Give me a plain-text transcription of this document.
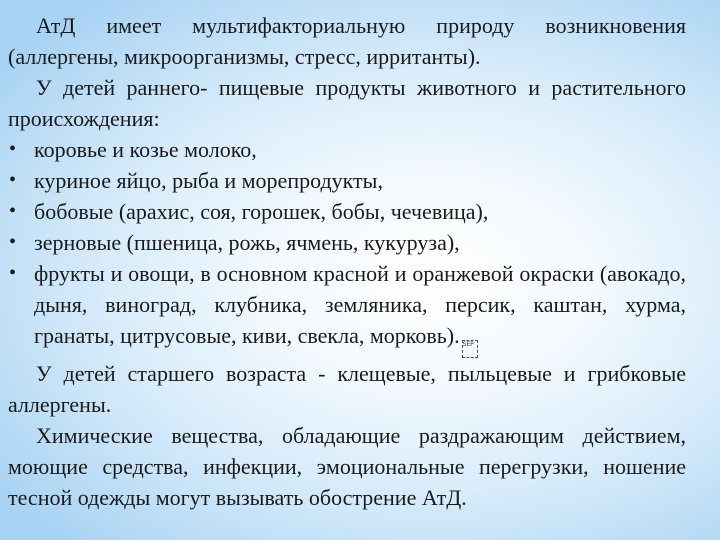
АтД имеет мультифакториальную природу возникновения (аллергены, микроорганизмы, стресс, ирританты).

У детей раннего- пищевые продукты животного и растительного происхождения:

• коровье и козье молоко,
• куриное яйцо, рыба и морепродукты,
• бобовые (арахис, соя, горошек, бобы, чечевица),
• зерновые (пшеница, рожь, ячмень, кукуруза),
• фрукты и овощи, в основном красной и оранжевой окраски (авокадо, дыня, виноград, клубника, земляника, персик, каштан, хурма, гранаты, цитрусовые, киви, свекла, морковь). SEP

У детей старшего возраста - клещевые, пыльцевые и грибковые аллергены.

Химические вещества, обладающие раздражающим действием, моющие средства, инфекции, эмоциональные перегрузки, ношение тесной одежды могут вызывать обострение АтД.
